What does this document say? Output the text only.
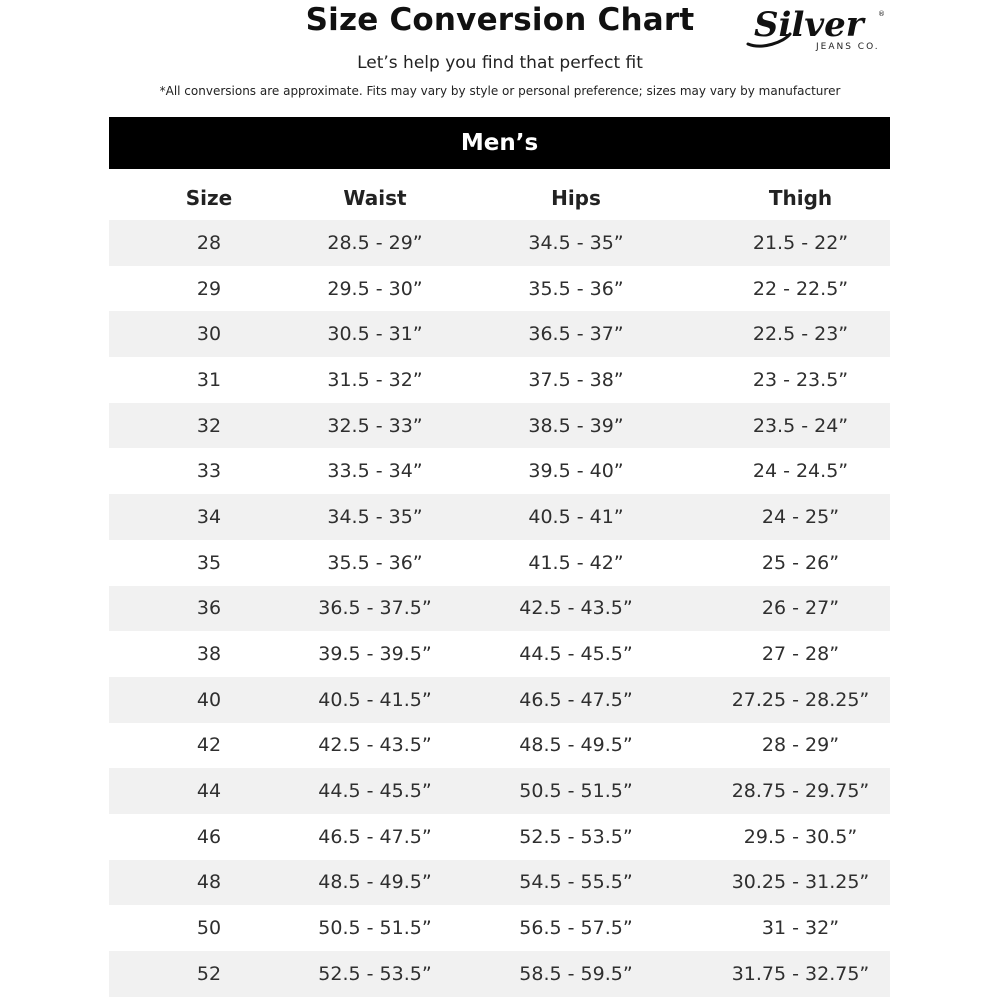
Size Conversion Chart	Silver ®
JEANS CO.

Let’s help you find that perfect fit

*All conversions are approximate. Fits may vary by style or personal preference; sizes may vary by manufacturer

Men’s
Size	Waist	Hips	Thigh
28	28.5 - 29”	34.5 - 35”	21.5 - 22”
29	29.5 - 30”	35.5 - 36”	22 - 22.5”
30	30.5 - 31”	36.5 - 37”	22.5 - 23”
31	31.5 - 32”	37.5 - 38”	23 - 23.5”
32	32.5 - 33”	38.5 - 39”	23.5 - 24”
33	33.5 - 34”	39.5 - 40”	24 - 24.5”
34	34.5 - 35”	40.5 - 41”	24 - 25”
35	35.5 - 36”	41.5 - 42”	25 - 26”
36	36.5 - 37.5”	42.5 - 43.5”	26 - 27”
38	39.5 - 39.5”	44.5 - 45.5”	27 - 28”
40	40.5 - 41.5”	46.5 - 47.5”	27.25 - 28.25”
42	42.5 - 43.5”	48.5 - 49.5”	28 - 29”
44	44.5 - 45.5”	50.5 - 51.5”	28.75 - 29.75”
46	46.5 - 47.5”	52.5 - 53.5”	29.5 - 30.5”
48	48.5 - 49.5”	54.5 - 55.5”	30.25 - 31.25”
50	50.5 - 51.5”	56.5 - 57.5”	31 - 32”
52	52.5 - 53.5”	58.5 - 59.5”	31.75 - 32.75”
